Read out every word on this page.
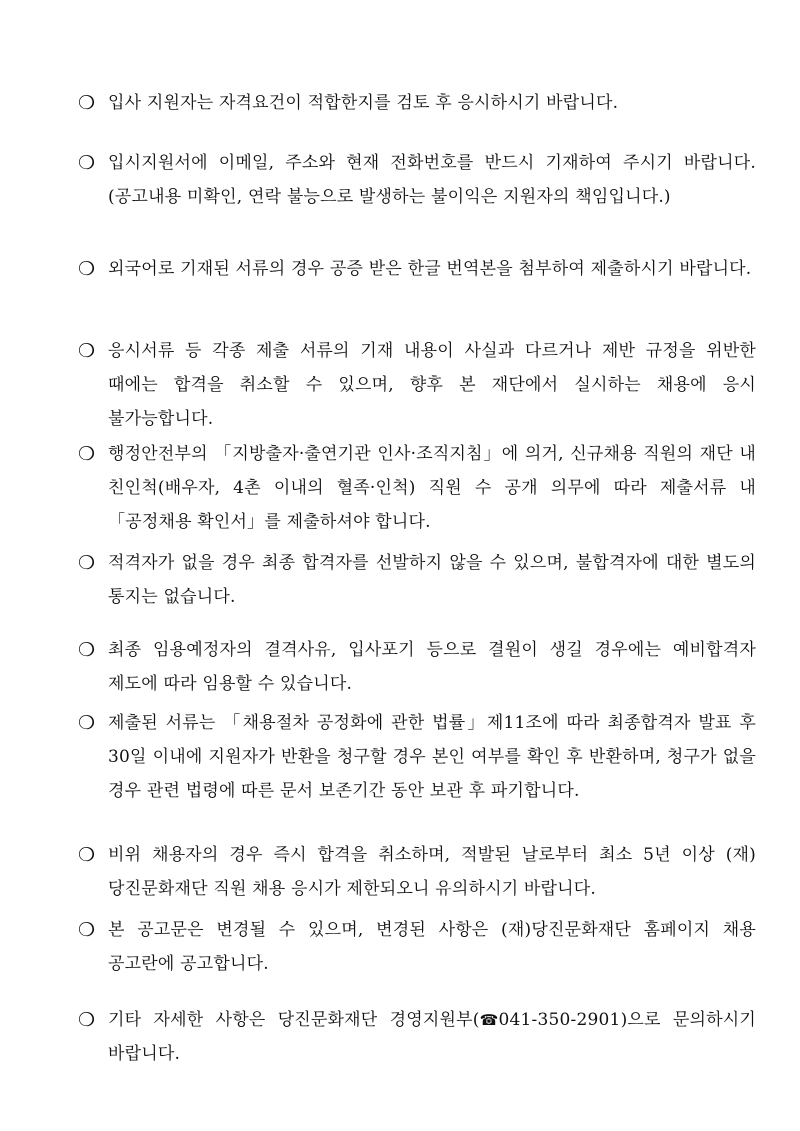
❍ 입사 지원자는 자격요건이 적합한지를 검토 후 응시하시기 바랍니다.
❍ 입시지원서에 이메일, 주소와 현재 전화번호를 반드시 기재하여 주시기 바랍니다. (공고내용 미확인, 연락 불능으로 발생하는 불이익은 지원자의 책임입니다.)
❍ 외국어로 기재된 서류의 경우 공증 받은 한글 번역본을 첨부하여 제출하시기 바랍니다.
❍ 응시서류 등 각종 제출 서류의 기재 내용이 사실과 다르거나 제반 규정을 위반한 때에는 합격을 취소할 수 있으며, 향후 본 재단에서 실시하는 채용에 응시 불가능합니다.
❍ 행정안전부의 「지방출자·출연기관 인사·조직지침」에 의거, 신규채용 직원의 재단 내 친인척(배우자, 4촌 이내의 혈족·인척) 직원 수 공개 의무에 따라 제출서류 내 「공정채용 확인서」를 제출하셔야 합니다.
❍ 적격자가 없을 경우 최종 합격자를 선발하지 않을 수 있으며, 불합격자에 대한 별도의 통지는 없습니다.
❍ 최종 임용예정자의 결격사유, 입사포기 등으로 결원이 생길 경우에는 예비합격자 제도에 따라 임용할 수 있습니다.
❍ 제출된 서류는 「채용절차 공정화에 관한 법률」제11조에 따라 최종합격자 발표 후 30일 이내에 지원자가 반환을 청구할 경우 본인 여부를 확인 후 반환하며, 청구가 없을 경우 관련 법령에 따른 문서 보존기간 동안 보관 후 파기합니다.
❍ 비위 채용자의 경우 즉시 합격을 취소하며, 적발된 날로부터 최소 5년 이상 (재)당진문화재단 직원 채용 응시가 제한되오니 유의하시기 바랍니다.
❍ 본 공고문은 변경될 수 있으며, 변경된 사항은 (재)당진문화재단 홈페이지 채용 공고란에 공고합니다.
❍ 기타 자세한 사항은 당진문화재단 경영지원부(☎041-350-2901)으로 문의하시기 바랍니다.
